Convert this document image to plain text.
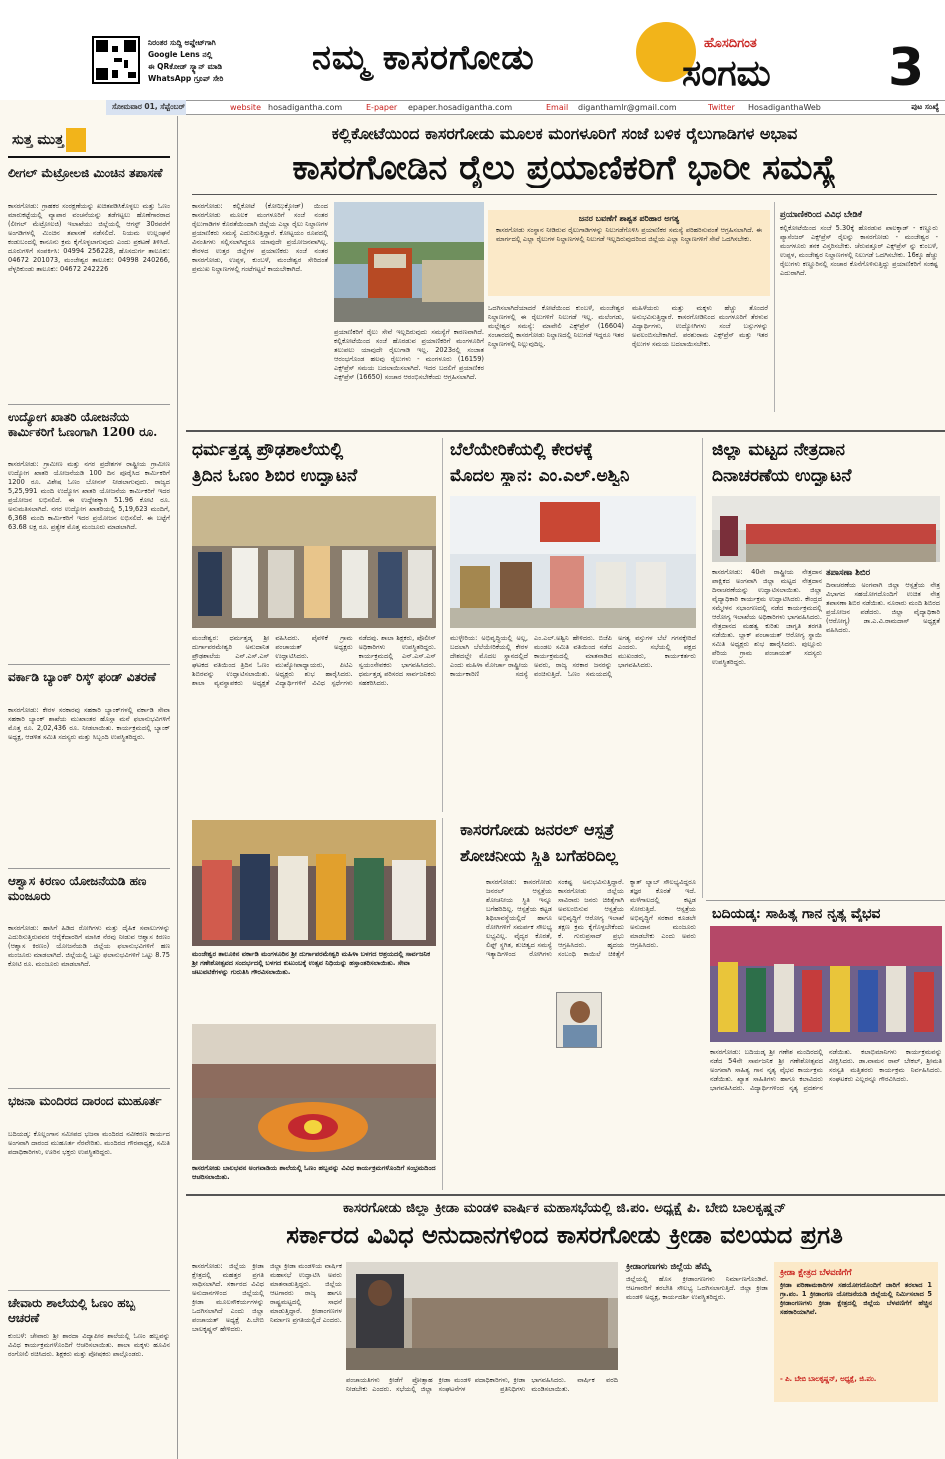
ನಿರಂತರ ಸುದ್ದಿ ಅಪ್ಡೇಟ್‌ಗಾಗಿ
Google Lens ನಲ್ಲಿ
ಈ QRಕೋಡ್ ಸ್ಕ್ಯಾನ್ ಮಾಡಿ
WhatsApp ಗ್ರೂಪ್ ಸೇರಿ
ನಮ್ಮ ಕಾಸರಗೋಡು	ಹೊಸದಿಗಂತ
ಸಂಗಮ 3
ಸೋಮವಾರ 01, ಸೆಪ್ಟೆಂಬರ್	website hosadigantha.com	E-paper epaper.hosadigantha.com	Email diganthamlr@gmail.com	Twitter HosadiganthaWeb	ಪುಟ ಸಂಖ್ಯೆ
ಸುತ್ತ ಮುತ್ತ
ಲೀಗಲ್ ಮೆಟ್ರೋಲಜಿ ಮಿಂಚಿನ ತಪಾಸಣೆ
ಕಾಸರಗೋಡು: ಗ್ರಾಹಕರ ಸಂರಕ್ಷಣೆಯನ್ನು ಖಚಿತಪಡಿಸಿಕೊಳ್ಳಲು ಮತ್ತು ಓಣಂ ಮಾರುಕಟ್ಟೆಯಲ್ಲಿ ವ್ಯಾಪಾರ ವಂಚನೆಯನ್ನು ತಡೆಗಟ್ಟಲು ಹೊಣೆಗಾರರಾದ (ಲೀಗಲ್ ಮೆಟ್ರೋಲಜಿ) ಇಲಾಖೆಯು ಜಿಲ್ಲೆಯಲ್ಲಿ ಆಗಸ್ಟ್ 30ರವರೆಗೆ ಅಂಗಡಿಗಳಲ್ಲಿ ಮಿಂಚಿನ ತಪಾಸಣೆ ನಡೆಸಲಿದೆ. ನಿಯಮ ಉಲ್ಲಂಘನೆ ಕಂಡುಬಂದಲ್ಲಿ ಕಾನೂನು ಕ್ರಮ ಕೈಗೊಳ್ಳಲಾಗುವುದು ಎಂದು ಪ್ರಕಟಣೆ ತಿಳಿಸಿದೆ. ದೂರುಗಳಿಗೆ ಸಂಪರ್ಕಿಸಿ: 04994 256228, ಹೊಸದುರ್ಗ ತಾಲೂಕು: 04672 201073, ಮಂಜೇಶ್ವರ ತಾಲೂಕು: 04998 240266, ವೆಳ್ಳರಿಕುಂಡು ತಾಲೂಕು: 04672 242226
ಉದ್ಯೋಗ ಖಾತರಿ ಯೋಜನೆಯ ಕಾರ್ಮಿಕರಿಗೆ ಓಣಂಗಾಗಿ 1200 ರೂ.
ಕಾಸರಗೋಡು: ಗ್ರಾಮೀಣ ಮತ್ತು ನಗರ ಪ್ರದೇಶಗಳ ರಾಷ್ಟ್ರೀಯ ಗ್ರಾಮೀಣ ಉದ್ಯೋಗ ಖಾತರಿ ಯೋಜನೆಯಡಿ 100 ದಿನ ಪೂರೈಸಿದ ಕಾರ್ಮಿಕರಿಗೆ 1200 ರೂ. ವಿಶೇಷ ಓಣಂ ಬೋನಸ್ ನೀಡಲಾಗುವುದು. ರಾಜ್ಯದ 5,25,991 ಮಂದಿ ಉದ್ಯೋಗ ಖಾತರಿ ಯೋಜನೆಯ ಕಾರ್ಮಿಕರಿಗೆ ಇದರ ಪ್ರಯೋಜನ ಲಭಿಸಲಿದೆ. ಈ ಉದ್ದೇಶಕ್ಕಾಗಿ 51.96 ಕೋಟಿ ರೂ. ಅನುಮತಿಸಲಾಗಿದೆ. ನಗರ ಉದ್ಯೋಗ ಖಾತರಿಯಲ್ಲಿ 5,19,623 ಮಂದಿಗೆ, 6,368 ಮಂದಿ ಕಾರ್ಮಿಕರಿಗೆ ಇದರ ಪ್ರಯೋಜನ ಲಭಿಸಲಿದೆ. ಈ ಬಟ್ಟೆಗೆ 63.68 ಲಕ್ಷ ರೂ. ಪ್ರತ್ಯೇಕ ಮೊತ್ತ ಮಂಜೂರು ಮಾಡಲಾಗಿದೆ.
ವರ್ಕಾಡಿ ಬ್ಯಾಂಕ್ ರಿಸ್ಕ್ ಫಂಡ್ ವಿತರಣೆ
ಕಾಸರಗೋಡು: ಕೇರಳ ಸರಕಾರವು ಸಹಕಾರಿ ಬ್ಯಾಂಕ್‌ಗಳಲ್ಲಿ ವರ್ಕಾಡಿ ಸೇವಾ ಸಹಕಾರಿ ಬ್ಯಾಂಕ್ ಶಾಖೆಯ ಮುಖಾಂತರ ಹೊಸ್ಗಾ ಮನೆ ಫಲಾನುಭವಿಗಳಿಗೆ ಮೊತ್ತ ರೂ. 2,02,436 ರೂ. ನೀಡಲಾಯಿತು. ಕಾರ್ಯಕ್ರಮದಲ್ಲಿ ಬ್ಯಾಂಕ್ ಅಧ್ಯಕ್ಷ, ಆಡಳಿತ ಸಮಿತಿ ಸದಸ್ಯರು ಮತ್ತು ಸಿಬ್ಬಂದಿ ಉಪಸ್ಥಿತರಿದ್ದರು.
ಆಶ್ವಾಸ ಕಿರಣಂ ಯೋಜನೆಯಡಿ ಹಣ ಮಂಜೂರು
ಕಾಸರಗೋಡು: ಹಾಸಿಗೆ ಹಿಡಿದ ರೋಗಿಗಳು ಮತ್ತು ದೈಹಿಕ ಸವಾಲುಗಳನ್ನು ಎದುರಿಸುತ್ತಿರುವವರ ಆರೈಕೆದಾರರಿಗೆ ಮಾಸಿಕ ನೆರವು ನೀಡುವ ಆಶ್ವಾಸ ಕಿರಣಂ (ಆಶ್ವಾಸ ಕಿರಣಂ) ಯೋಜನೆಯಡಿ ಜಿಲ್ಲೆಯ ಫಲಾನುಭವಿಗಳಿಗೆ ಹಣ ಮಂಜೂರು ಮಾಡಲಾಗಿದೆ. ಜಿಲ್ಲೆಯಲ್ಲಿ ಒಟ್ಟು ಫಲಾನುಭವಿಗಳಿಗೆ ಒಟ್ಟು 8.75 ಕೋಟಿ ರೂ. ಮಂಜೂರು ಮಾಡಲಾಗಿದೆ.
ಭಜನಾ ಮಂದಿರದ ದಾರಂದ ಮುಹೂರ್ತ
ಬದಿಯಡ್ಕ: ಕೊಲ್ಲಂಗಾನ ಸಮೀಪದ ಭಜನಾ ಮಂದಿರದ ನವೀಕರಣ ಕಾರ್ಯದ ಅಂಗವಾಗಿ ದಾರಂದ ಮುಹೂರ್ತ ನೆರವೇರಿತು. ಮಂದಿರದ ಗೌರವಾಧ್ಯಕ್ಷ, ಸಮಿತಿ ಪದಾಧಿಕಾರಿಗಳು, ಊರಿನ ಭಕ್ತರು ಉಪಸ್ಥಿತರಿದ್ದರು.
ಚೇವಾರು ಶಾಲೆಯಲ್ಲಿ ಓಣಂ ಹಬ್ಬ ಆಚರಣೆ
ಕುಂಬಳೆ: ಚೇವಾರು ಶ್ರೀ ಶಾರದಾ ವಿದ್ಯಾಪೀಠ ಶಾಲೆಯಲ್ಲಿ ಓಣಂ ಹಬ್ಬವನ್ನು ವಿವಿಧ ಕಾರ್ಯಕ್ರಮಗಳೊಂದಿಗೆ ಆಚರಿಸಲಾಯಿತು. ಶಾಲಾ ಮಕ್ಕಳು ಹೂವಿನ ರಂಗೋಲಿ ರಚಿಸಿದರು. ಶಿಕ್ಷಕರು ಮತ್ತು ಪೋಷಕರು ಪಾಲ್ಗೊಂಡರು.
ಕಲ್ಲಿಕೋಟೆಯಿಂದ ಕಾಸರಗೋಡು ಮೂಲಕ ಮಂಗಳೂರಿಗೆ ಸಂಜೆ ಬಳಿಕ ರೈಲುಗಾಡಿಗಳ ಅಭಾವ
ಕಾಸರಗೋಡಿನ ರೈಲು ಪ್ರಯಾಣಿಕರಿಗೆ ಭಾರೀ ಸಮಸ್ಯೆ
ಕಾಸರಗೋಡು: ಕಲ್ಲಿಕೋಟೆ (ಕೋಝಿಕ್ಕೋಡ್) ಯಿಂದ ಕಾಸರಗೋಡು ಮೂಲಕ ಮಂಗಳೂರಿಗೆ ಸಂಜೆ ನಂತರ ರೈಲುಗಾಡಿಗಳ ಕೊರತೆಯಿಂದಾಗಿ ಜಿಲ್ಲೆಯ ಎಲ್ಲಾ ರೈಲು ನಿಲ್ದಾಣಗಳ ಪ್ರಯಾಣಿಕರು ಸಮಸ್ಯೆ ಎದುರಿಸುತ್ತಿದ್ದಾರೆ. ಕೋಟ್ಟಯಂ ರೂಪದಲ್ಲಿ ವಿನಂತಿಗಳು ಸಲ್ಲಿಸಲಾಗಿದ್ದರೂ ಯಾವುದೇ ಪ್ರಯೋಜನವಾಗಿಲ್ಲ. ಕೇರಳದ ಉತ್ತರ ಜಿಲ್ಲೆಗಳ ಪ್ರಯಾಣಿಕರು ಸಂಜೆ ನಂತರ ಕಾಸರಗೋಡು, ಉಪ್ಪಳ, ಕುಂಬಳೆ, ಮಂಜೇಶ್ವರ ಸೇರಿದಂತೆ ಪ್ರಮುಖ ನಿಲ್ದಾಣಗಳಲ್ಲಿ ಗಂಟೆಗಟ್ಟಲೆ ಕಾಯಬೇಕಾಗಿದೆ.
ಪ್ರಯಾಣಿಕರಿಗೆ ರೈಲು ಸೇವೆ ಇಲ್ಲದಿರುವುದು ಸಮಸ್ಯೆಗೆ ಕಾರಣವಾಗಿದೆ. ಕಲ್ಲಿಕೋಟೆಯಿಂದ ಸಂಜೆ ಹೊರಡುವ ಪ್ರಯಾಣಿಕರಿಗೆ ಮಂಗಳೂರಿಗೆ ತಲುಪಲು ಯಾವುದೇ ರೈಲುಗಾಡಿ ಇಲ್ಲ. 2023ರಲ್ಲಿ ಸಂಜಾತ ಆರಂಭಗೊಂಡ ಹಲವು ರೈಲುಗಳು - ಮಂಗಳೂರು (16159) ಎಕ್ಸ್‌ಪ್ರೆಸ್ ಸಮಯ ಬದಲಾಯಿಸಲಾಗಿದೆ. ಇದರ ಬದಲಿಗೆ ಪ್ರಯಾಣಿಕರ ಎಕ್ಸ್‌ಪ್ರೆಸ್ (16650) ಸಂಚಾರ ಆರಂಭಿಸಬೇಕೆಂದು ಆಗ್ರಹಿಸಲಾಗಿದೆ.
ಜನರ ಬವಣೆಗೆ ಶಾಶ್ವತ ಪರಿಹಾರ ಅಗತ್ಯ
ಕಾಸರಗೋಡು ಸಂಸ್ಥಾನ ನೀಡಿರುವ ರೈಲುಗಾಡಿಗಳನ್ನು ನಿಲುಗಡೆಗೊಳಿಸಿ ಪ್ರಯಾಣಿಕರ ಸಮಸ್ಯೆ ಪರಿಹರಿಸುವಂತೆ ಆಗ್ರಹಿಸಲಾಗಿದೆ. ಈ ಮಾರ್ಗದಲ್ಲಿ ಎಲ್ಲಾ ರೈಲುಗಳ ನಿಲ್ದಾಣಗಳಲ್ಲಿ ನಿಲುಗಡೆ ಇಲ್ಲದಿರುವುದರಿಂದ ಜಿಲ್ಲೆಯ ಎಲ್ಲಾ ನಿಲ್ದಾಣಗಳಿಗೆ ಸೇವೆ ಒದಗಿಸಬೇಕು.
ಒದಗಿಸಲಾಗಿದೆಯಾದರೆ ಕೋಟೆಯಿಂದ ಕುಂಬಳೆ, ಮಂಜೇಶ್ವರ ನಿಲ್ದಾಣಗಳಲ್ಲಿ ಈ ರೈಲುಗಳಿಗೆ ನಿಲುಗಡೆ ಇಲ್ಲ. ಮಲೆಂಗಡು, ಮಲ್ಲೇಶ್ವರ ಸಮಸ್ಯೆ: ಮಾವೇಲಿ ಎಕ್ಸ್‌ಪ್ರೆಸ್ (16604) ಸಂಚಾರದಲ್ಲಿ ಕಾಸರಗೋಡು ನಿಲ್ದಾಣದಲ್ಲಿ ನಿಲುಗಡೆ ಇದ್ದರೂ ಇತರ ನಿಲ್ದಾಣಗಳಲ್ಲಿ ನಿಲ್ಲುವುದಿಲ್ಲ.
ಮಹಿಳೆಯರು ಮತ್ತು ಮಕ್ಕಳು ಹೆಚ್ಚು ತೊಂದರೆ ಅನುಭವಿಸುತ್ತಿದ್ದಾರೆ. ಕಾಸರಗೋಡಿನಿಂದ ಮಂಗಳೂರಿಗೆ ತೆರಳುವ ವಿದ್ಯಾರ್ಥಿಗಳು, ಉದ್ಯೋಗಿಗಳು ಸಂಜೆ ಬಸ್ಸುಗಳನ್ನು ಅವಲಂಬಿಸಬೇಕಾಗಿದೆ. ಪರಶುರಾಮ ಎಕ್ಸ್‌ಪ್ರೆಸ್ ಮತ್ತು ಇತರ ರೈಲುಗಳ ಸಮಯ ಬದಲಾಯಿಸಬೇಕು.
ಪ್ರಯಾಣಿಕರಿಂದ ವಿವಿಧ ಬೇಡಿಕೆ
ಕಲ್ಲಿಕೋಟೆಯಿಂದ ಸಂಜೆ 5.30ಕ್ಕೆ ಹೊರಡುವ ಪಾಲಕ್ಕಾಡ್ - ಕಣ್ಣೂರು ಪ್ಯಾಸೆಂಜರ್ ಎಕ್ಸ್‌ಪ್ರೆಸ್ ರೈಲನ್ನು ಕಾಸರಗೋಡು - ಮಂಜೇಶ್ವರ - ಮಂಗಳೂರು ತನಕ ವಿಸ್ತರಿಸಬೇಕು. ಚೆರುವತ್ತೂರ್ ಎಕ್ಸ್‌ಪ್ರೆಸ್ ನ್ನು ಕುಂಬಳೆ, ಉಪ್ಪಳ, ಮಂಜೇಶ್ವರ ನಿಲ್ದಾಣಗಳಲ್ಲಿ ನಿಲುಗಡೆ ಒದಗಿಸಬೇಕು. 16ಕ್ಕೂ ಹೆಚ್ಚು ರೈಲುಗಳು ಕಣ್ಣೂರಿನಲ್ಲಿ ಸಂಚಾರ ಕೊನೆಗೊಳಿಸುತ್ತಿದ್ದು ಪ್ರಯಾಣಿಕರಿಗೆ ಸಂಕಷ್ಟ ಎದುರಾಗಿದೆ.
ಧರ್ಮತ್ತಡ್ಕ ಪ್ರೌಢಶಾಲೆಯಲ್ಲಿ
ತ್ರಿದಿನ ಓಣಂ ಶಿಬಿರ ಉದ್ಘಾಟನೆ
ಮಂಜೇಶ್ವರ: ಧರ್ಮತ್ತಡ್ಕ ಶ್ರೀ ದುರ್ಗಾಪರಮೇಶ್ವರಿ ಅನುದಾನಿತ ಪ್ರೌಢಶಾಲೆಯ ಎನ್.ಎಸ್.ಎಸ್ ಘಟಕದ ವತಿಯಿಂದ ತ್ರಿದಿನ ಓಣಂ ಶಿಬಿರವನ್ನು ಉದ್ಘಾಟಿಸಲಾಯಿತು. ಶಾಲಾ ವ್ಯವಸ್ಥಾಪಕರು ಅಧ್ಯಕ್ಷತೆ ವಹಿಸಿದರು. ಪೈವಳಿಕೆ ಗ್ರಾಮ ಪಂಚಾಯತ್ ಅಧ್ಯಕ್ಷರು ಉದ್ಘಾಟಿಸಿದರು. ಮುಖ್ಯೋಪಾಧ್ಯಾಯರು, ಪಿಟಿಎ ಅಧ್ಯಕ್ಷರು ಶುಭ ಹಾರೈಸಿದರು. ವಿದ್ಯಾರ್ಥಿಗಳಿಗೆ ವಿವಿಧ ಸ್ಪರ್ಧೆಗಳು ನಡೆದವು. ಶಾಲಾ ಶಿಕ್ಷಕರು, ಪೊಲೀಸ್ ಅಧಿಕಾರಿಗಳು ಉಪಸ್ಥಿತರಿದ್ದರು. ಕಾರ್ಯಕ್ರಮದಲ್ಲಿ ಎನ್.ಎಸ್.ಎಸ್ ಸ್ವಯಂಸೇವಕರು ಭಾಗವಹಿಸಿದರು. ಧರ್ಮತ್ತಡ್ಕ ಪರಿಸರದ ಸಾರ್ವಜನಿಕರು ಸಹಕರಿಸಿದರು.
ಬೆಲೆಯೇರಿಕೆಯಲ್ಲಿ ಕೇರಳಕ್ಕೆ
ಮೊದಲ ಸ್ಥಾನ: ಎಂ.ಎಲ್.ಅಶ್ವಿನಿ
ಮುಳ್ಳೇರಿಯ: ಅಭಿವೃದ್ಧಿಯಲ್ಲಿ ಅಲ್ಲ, ಬದಲಾಗಿ ಬೆಲೆಯೇರಿಕೆಯಲ್ಲಿ ಕೇರಳ ದೇಶದಲ್ಲೇ ಮೊದಲ ಸ್ಥಾನದಲ್ಲಿದೆ ಎಂದು ಮಹಿಳಾ ಮೋರ್ಚಾ ರಾಷ್ಟ್ರೀಯ ಕಾರ್ಯಕಾರಿಣಿ ಸದಸ್ಯೆ ಎಂ.ಎಲ್.ಅಶ್ವಿನಿ ಹೇಳಿದರು. ಬಿಜೆಪಿ ಮಂಡಲ ಸಮಿತಿ ವತಿಯಿಂದ ನಡೆದ ಕಾರ್ಯಕ್ರಮದಲ್ಲಿ ಮಾತನಾಡಿದ ಅವರು, ರಾಜ್ಯ ಸರಕಾರ ಜನರನ್ನು ವಂಚಿಸುತ್ತಿದೆ. ಓಣಂ ಸಮಯದಲ್ಲಿ ಅಗತ್ಯ ವಸ್ತುಗಳ ಬೆಲೆ ಗಗನಕ್ಕೇರಿದೆ ಎಂದರು. ಸಭೆಯಲ್ಲಿ ಪಕ್ಷದ ಮುಖಂಡರು, ಕಾರ್ಯಕರ್ತರು ಭಾಗವಹಿಸಿದರು.
ಜಿಲ್ಲಾ ಮಟ್ಟದ ನೇತ್ರದಾನ
ದಿನಾಚರಣೆಯ ಉದ್ಘಾಟನೆ
ಕಾಸರಗೋಡು: 40ನೇ ರಾಷ್ಟ್ರೀಯ ನೇತ್ರದಾನ ಪಾಕ್ಷಿಕದ ಅಂಗವಾಗಿ ಜಿಲ್ಲಾ ಮಟ್ಟದ ನೇತ್ರದಾನ ದಿನಾಚರಣೆಯನ್ನು ಉದ್ಘಾಟಿಸಲಾಯಿತು. ಜಿಲ್ಲಾ ವೈದ್ಯಾಧಿಕಾರಿ ಕಾರ್ಯಕ್ರಮ ಉದ್ಘಾಟಿಸಿದರು. ಕೇಂದ್ರದ ಸಮ್ಮೇಳನ ಸಭಾಂಗಣದಲ್ಲಿ ನಡೆದ ಕಾರ್ಯಕ್ರಮದಲ್ಲಿ ಆರೋಗ್ಯ ಇಲಾಖೆಯ ಅಧಿಕಾರಿಗಳು ಭಾಗವಹಿಸಿದರು. ನೇತ್ರದಾನದ ಮಹತ್ವ ಕುರಿತು ಜಾಗೃತಿ ತರಗತಿ ನಡೆಯಿತು. ಬ್ಲಾಕ್ ಪಂಚಾಯತ್ ಆರೋಗ್ಯ ಸ್ಥಾಯಿ ಸಮಿತಿ ಅಧ್ಯಕ್ಷರು ಶುಭ ಹಾರೈಸಿದರು. ಪುಲ್ಲೂರು ಪೆರಿಯ ಗ್ರಾಮ ಪಂಚಾಯತ್ ಸದಸ್ಯರು ಉಪಸ್ಥಿತರಿದ್ದರು.
ತಪಾಸಣಾ ಶಿಬಿರ
ದಿನಾಚರಣೆಯ ಅಂಗವಾಗಿ ಜಿಲ್ಲಾ ಆಸ್ಪತ್ರೆಯ ನೇತ್ರ ವಿಭಾಗದ ಸಹಯೋಗದೊಂದಿಗೆ ಉಚಿತ ನೇತ್ರ ತಪಾಸಣಾ ಶಿಬಿರ ನಡೆಯಿತು. ನೂರಾರು ಮಂದಿ ಶಿಬಿರದ ಪ್ರಯೋಜನ ಪಡೆದರು. ಜಿಲ್ಲಾ ವೈದ್ಯಾಧಿಕಾರಿ (ಆರೋಗ್ಯ) ಡಾ.ಎ.ವಿ.ರಾಮದಾಸ್ ಅಧ್ಯಕ್ಷತೆ ವಹಿಸಿದರು.
ಮಂಜೇಶ್ವರ ತಾಲೂಕಿನ ವರ್ಕಾಡಿ ಮಂಗಳೂರಿನ ಶ್ರೀ ದುರ್ಗಾಪರಮೇಶ್ವರಿ ಮಹಿಳಾ ಬಳಗದ ಆಶ್ರಯದಲ್ಲಿ ಸಾರ್ವಜನಿಕ ಶ್ರೀ ಗಣೇಶೋತ್ಸವದ ಸಂದರ್ಭದಲ್ಲಿ ಬಳಗದ ಕುಟುಂಬಕ್ಕೆ ಉತ್ಸವ ನಿಧಿಯನ್ನು ಹಸ್ತಾಂತರಿಸಲಾಯಿತು. ಸೇವಾ ಚಟುವಟಿಕೆಗಳನ್ನು ಗುರುತಿಸಿ ಗೌರವಿಸಲಾಯಿತು.
ಕಾಸರಗೋಡು ಬಾಲಭವನ ಅಂಗವಾಡಿಯ ಶಾಲೆಯಲ್ಲಿ ಓಣಂ ಹಬ್ಬವನ್ನು ವಿವಿಧ ಕಾರ್ಯಕ್ರಮಗಳೊಂದಿಗೆ ಸಂಭ್ರಮದಿಂದ ಆಚರಿಸಲಾಯಿತು.
ಕಾಸರಗೋಡು ಜನರಲ್ ಆಸ್ಪತ್ರೆ
ಶೋಚನೀಯ ಸ್ಥಿತಿ ಬಗೆಹರಿದಿಲ್ಲ
ಕಾಸರಗೋಡು: ಕಾಸರಗೋಡು ಜನರಲ್ ಆಸ್ಪತ್ರೆಯ ಶೋಚನೀಯ ಸ್ಥಿತಿ ಇನ್ನೂ ಬಗೆಹರಿದಿಲ್ಲ. ಆಸ್ಪತ್ರೆಯ ಕಟ್ಟಡ ಶಿಥಿಲಾವಸ್ಥೆಯಲ್ಲಿದೆ ಹಾಗೂ ರೋಗಿಗಳಿಗೆ ಸಮರ್ಪಕ ಸೌಲಭ್ಯ ಲಭ್ಯವಿಲ್ಲ. ವೈದ್ಯರ ಕೊರತೆ, ಲಿಫ್ಟ್ ಸ್ಥಗಿತ, ಶುಚಿತ್ವದ ಸಮಸ್ಯೆ ಇತ್ಯಾದಿಗಳಿಂದ ರೋಗಿಗಳು ಸಂಕಷ್ಟ ಅನುಭವಿಸುತ್ತಿದ್ದಾರೆ. ಕಾಸರಗೋಡು ಜಿಲ್ಲೆಯ ಸಾವಿರಾರು ಜನರು ಚಿಕಿತ್ಸೆಗಾಗಿ ಅವಲಂಬಿಸುವ ಆಸ್ಪತ್ರೆಯ ಅಭಿವೃದ್ಧಿಗೆ ಆರೋಗ್ಯ ಇಲಾಖೆ ತಕ್ಷಣ ಕ್ರಮ ಕೈಗೊಳ್ಳಬೇಕೆಂದು ಕೆ. ಗುರುಪ್ರಸಾದ್ ಪ್ರಭು ಆಗ್ರಹಿಸಿದರು. ಹೃದಯ ಸಂಬಂಧಿ ಕಾಯಿಲೆ ಚಿಕಿತ್ಸೆಗೆ ಕ್ಯಾತ್ ಲ್ಯಾಬ್ ಸೌಲಭ್ಯವಿದ್ದರೂ ತಜ್ಞರ ಕೊರತೆ ಇದೆ. ಮಳೆಗಾಲದಲ್ಲಿ ಕಟ್ಟಡ ಸೋರುತ್ತಿದೆ. ಆಸ್ಪತ್ರೆಯ ಅಭಿವೃದ್ಧಿಗೆ ಸರಕಾರ ಕೂಡಲೇ ಅನುದಾನ ಮಂಜೂರು ಮಾಡಬೇಕು ಎಂದು ಅವರು ಆಗ್ರಹಿಸಿದರು.
ಬದಿಯಡ್ಕ: ಸಾಹಿತ್ಯ ಗಾನ ನೃತ್ಯ ವೈಭವ
ಕಾಸರಗೋಡು: ಬದಿಯಡ್ಕ ಶ್ರೀ ಗಣೇಶ ಮಂದಿರದಲ್ಲಿ ನಡೆದ 54ನೇ ಸಾರ್ವಜನಿಕ ಶ್ರೀ ಗಣೇಶೋತ್ಸವದ ಅಂಗವಾಗಿ ಸಾಹಿತ್ಯ ಗಾನ ನೃತ್ಯ ವೈಭವ ಕಾರ್ಯಕ್ರಮ ನಡೆಯಿತು. ಖ್ಯಾತ ಸಾಹಿತಿಗಳು ಹಾಗೂ ಕಲಾವಿದರು ಭಾಗವಹಿಸಿದರು. ವಿದ್ಯಾರ್ಥಿಗಳಿಂದ ನೃತ್ಯ ಪ್ರದರ್ಶನ ನಡೆಯಿತು. ಕಲಾಭಿಮಾನಿಗಳು ಕಾರ್ಯಕ್ರಮವನ್ನು ವೀಕ್ಷಿಸಿದರು. ಡಾ.ವಾಮನ ರಾವ್ ಬೇಕಲ್, ಶ್ರೀಮತಿ ಸರಸ್ವತಿ ಮತ್ತಿತರರು ಕಾರ್ಯಕ್ರಮ ನಿರ್ವಹಿಸಿದರು. ಸಂಘಟಕರು ಎಲ್ಲರನ್ನೂ ಗೌರವಿಸಿದರು.
ಕಾಸರಗೋಡು ಜಿಲ್ಲಾ ಕ್ರೀಡಾ ಮಂಡಳಿ ವಾರ್ಷಿಕ ಮಹಾಸಭೆಯಲ್ಲಿ ಜಿ.ಪಂ. ಅಧ್ಯಕ್ಷೆ ಪಿ. ಬೇಬಿ ಬಾಲಕೃಷ್ಣನ್
ಸರ್ಕಾರದ ವಿವಿಧ ಅನುದಾನಗಳಿಂದ ಕಾಸರಗೋಡು ಕ್ರೀಡಾ ವಲಯದ ಪ್ರಗತಿ
ಕಾಸರಗೋಡು: ಜಿಲ್ಲೆಯ ಕ್ರೀಡಾ ಕ್ಷೇತ್ರದಲ್ಲಿ ಮಹತ್ತರ ಪ್ರಗತಿ ಸಾಧಿಸಲಾಗಿದೆ. ಸರ್ಕಾರದ ವಿವಿಧ ಅನುದಾನಗಳಿಂದ ಜಿಲ್ಲೆಯಲ್ಲಿ ಕ್ರೀಡಾ ಮೂಲಸೌಕರ್ಯಗಳನ್ನು ಒದಗಿಸಲಾಗಿದೆ ಎಂದು ಜಿಲ್ಲಾ ಪಂಚಾಯತ್ ಅಧ್ಯಕ್ಷೆ ಪಿ.ಬೇಬಿ ಬಾಲಕೃಷ್ಣನ್ ಹೇಳಿದರು.
ಜಿಲ್ಲಾ ಕ್ರೀಡಾ ಮಂಡಳಿಯ ವಾರ್ಷಿಕ ಮಹಾಸಭೆ ಉದ್ಘಾಟಿಸಿ ಅವರು ಮಾತನಾಡುತ್ತಿದ್ದರು. ಜಿಲ್ಲೆಯ ಆಟಗಾರರು ರಾಜ್ಯ ಹಾಗೂ ರಾಷ್ಟ್ರಮಟ್ಟದಲ್ಲಿ ಸಾಧನೆ ಮಾಡುತ್ತಿದ್ದಾರೆ. ಕ್ರೀಡಾಂಗಣಗಳ ನಿರ್ಮಾಣ ಪ್ರಗತಿಯಲ್ಲಿದೆ ಎಂದರು.
ಪಂಚಾಯತಿಗಳು ಕ್ರೀಡೆಗೆ ಪ್ರೋತ್ಸಾಹ ನೀಡಬೇಕು ಎಂದರು. ಸಭೆಯಲ್ಲಿ ಜಿಲ್ಲಾ ಕ್ರೀಡಾ ಮಂಡಳಿ ಪದಾಧಿಕಾರಿಗಳು, ಕ್ರೀಡಾ ಸಂಘಟನೆಗಳ ಪ್ರತಿನಿಧಿಗಳು ಭಾಗವಹಿಸಿದರು. ವಾರ್ಷಿಕ ವರದಿ ಮಂಡಿಸಲಾಯಿತು.
ಕ್ರೀಡಾಂಗಣಗಳು ಜಿಲ್ಲೆಯ ಹೆಮ್ಮೆ
ಜಿಲ್ಲೆಯಲ್ಲಿ ಹೊಸ ಕ್ರೀಡಾಂಗಣಗಳು ನಿರ್ಮಾಣಗೊಂಡಿವೆ. ಆಟಗಾರರಿಗೆ ತರಬೇತಿ ಸೌಲಭ್ಯ ಒದಗಿಸಲಾಗುತ್ತಿದೆ. ಜಿಲ್ಲಾ ಕ್ರೀಡಾ ಮಂಡಳಿ ಅಧ್ಯಕ್ಷ, ಕಾರ್ಯದರ್ಶಿ ಉಪಸ್ಥಿತರಿದ್ದರು.
ಕ್ರೀಡಾ ಕ್ಷೇತ್ರದ ಬೆಳವಣಿಗೆಗೆ
ಕ್ರೀಡಾ ಪರಿಣಾಮಕಾರಿಗಳ ಸಹಯೋಗದೊಂದಿಗೆ ಜಾರಿಗೆ ತರಲಾದ 1 ಗ್ರಾ.ಪಂ. 1 ಕ್ರೀಡಾಂಗಣ ಯೋಜನೆಯಡಿ ಜಿಲ್ಲೆಯಲ್ಲಿ ನಿರ್ಮಿಸಲಾದ 5 ಕ್ರೀಡಾಂಗಣಗಳು ಕ್ರೀಡಾ ಕ್ಷೇತ್ರದಲ್ಲಿ ಜಿಲ್ಲೆಯ ಬೆಳವಣಿಗೆಗೆ ಹೆಚ್ಚಿನ ಸಹಕಾರಿಯಾಗಿವೆ.
- ಪಿ. ಬೇಬಿ ಬಾಲಕೃಷ್ಣನ್, ಅಧ್ಯಕ್ಷೆ, ಜಿ.ಪಂ.
